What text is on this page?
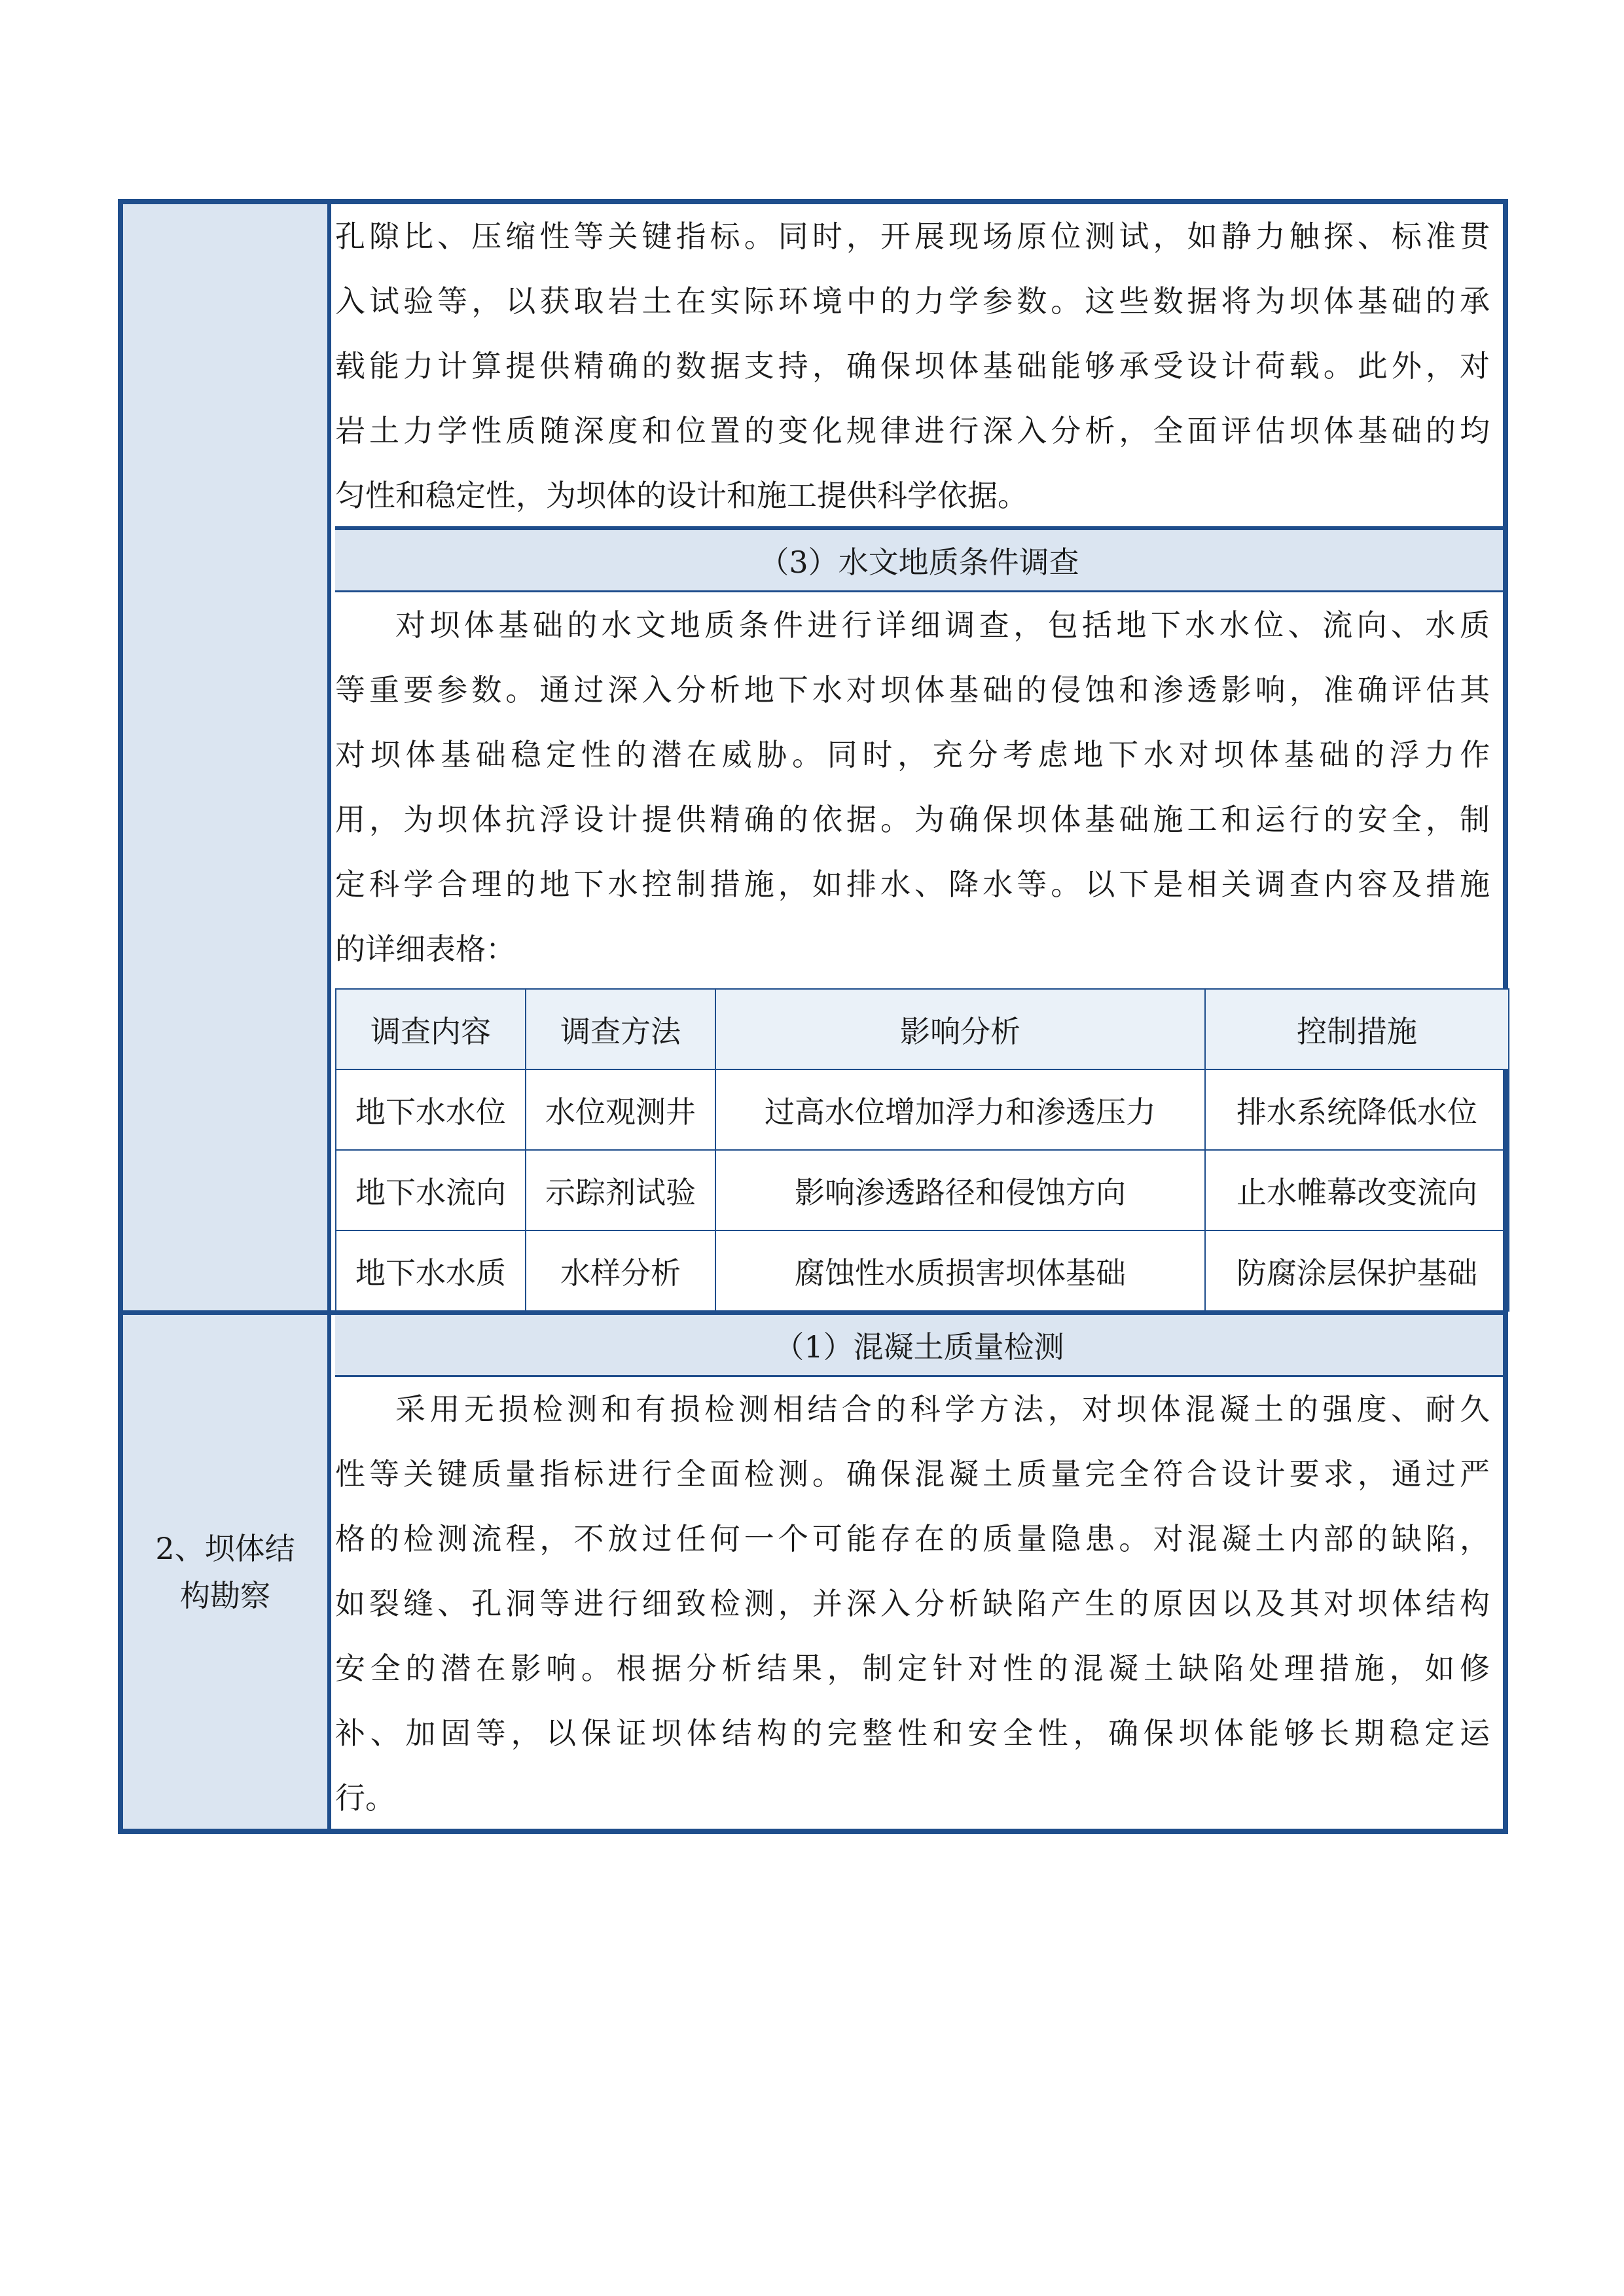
孔隙比、压缩性等关键指标。同时，开展现场原位测试，如静力触探、标准贯
入试验等，以获取岩土在实际环境中的力学参数。这些数据将为坝体基础的承
载能力计算提供精确的数据支持，确保坝体基础能够承受设计荷载。此外，对
岩土力学性质随深度和位置的变化规律进行深入分析，全面评估坝体基础的均
匀性和稳定性，为坝体的设计和施工提供科学依据。
（3）水文地质条件调查
对坝体基础的水文地质条件进行详细调查，包括地下水水位、流向、水质
等重要参数。通过深入分析地下水对坝体基础的侵蚀和渗透影响，准确评估其
对坝体基础稳定性的潜在威胁。同时，充分考虑地下水对坝体基础的浮力作
用，为坝体抗浮设计提供精确的依据。为确保坝体基础施工和运行的安全，制
定科学合理的地下水控制措施，如排水、降水等。以下是相关调查内容及措施
的详细表格：
调查内容	调查方法	影响分析	控制措施
地下水水位	水位观测井	过高水位增加浮力和渗透压力	排水系统降低水位
地下水流向	示踪剂试验	影响渗透路径和侵蚀方向	止水帷幕改变流向
地下水水质	水样分析	腐蚀性水质损害坝体基础	防腐涂层保护基础
2、坝体结
构勘察
（1）混凝土质量检测
采用无损检测和有损检测相结合的科学方法，对坝体混凝土的强度、耐久
性等关键质量指标进行全面检测。确保混凝土质量完全符合设计要求，通过严
格的检测流程，不放过任何一个可能存在的质量隐患。对混凝土内部的缺陷，
如裂缝、孔洞等进行细致检测，并深入分析缺陷产生的原因以及其对坝体结构
安全的潜在影响。根据分析结果，制定针对性的混凝土缺陷处理措施，如修
补、加固等，以保证坝体结构的完整性和安全性，确保坝体能够长期稳定运
行。
